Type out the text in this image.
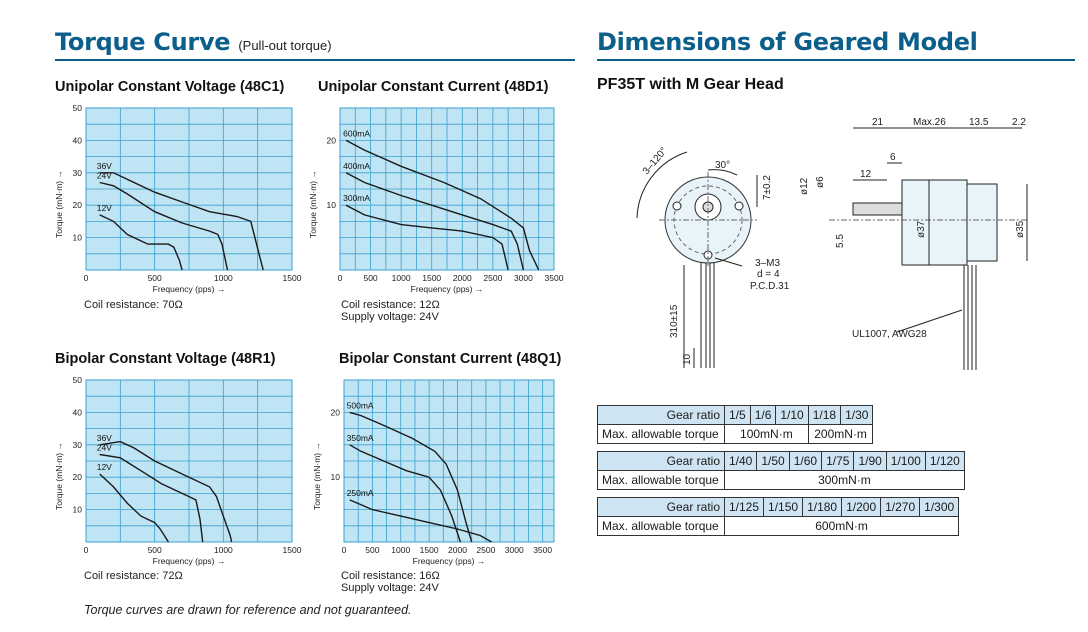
Torque Curve (Pull-out torque)	Dimensions of Geared Model
PF35T with M Gear Head
Unipolar Constant Voltage (48C1)
0	500	1000	1500
10
20
30
40
50
Frequency (pps) →
Torque (mN·m) →
36V
24V
12V
Coil resistance: 70Ω
Unipolar Constant Current (48D1)
0 500 1000 1500 2000 2500 3000 3500
10
20
Frequency (pps) →
Torque (mN·m) →
600mA
400mA
300mA
Coil resistance: 12Ω
Supply voltage: 24V
Bipolar Constant Voltage (48R1)
0	500	1000	1500
10
20
30
40
50
Frequency (pps) →
Torque (mN·m) →
36V
24V
12V
Coil resistance: 72Ω
Bipolar Constant Current (48Q1)
0 500 1000 1500 2000 2500 3000 3500
10
20
Frequency (pps) →
Torque (mN·m) →
500mA
350mA
250mA
Coil resistance: 16Ω
Supply voltage: 24V
Torque curves are drawn for reference and not guaranteed.
3–120°	30°
7±0.2
3–M3
d = 4
P.C.D.31
310±15
10
21	Max.26 13.5 2.2
12
6
ø12 ø6
5.5
ø37	ø35
UL1007, AWG28
Gear ratio	1/5	1/6	1/10	1/18	1/30
Max. allowable torque	100mN·m			200mN·m	
Gear ratio	1/40	1/50	1/60	1/75	1/90	1/100	1/120
Max. allowable torque	300mN·m						
Gear ratio	1/125	1/150	1/180	1/200	1/270	1/300
Max. allowable torque	600mN·m					
